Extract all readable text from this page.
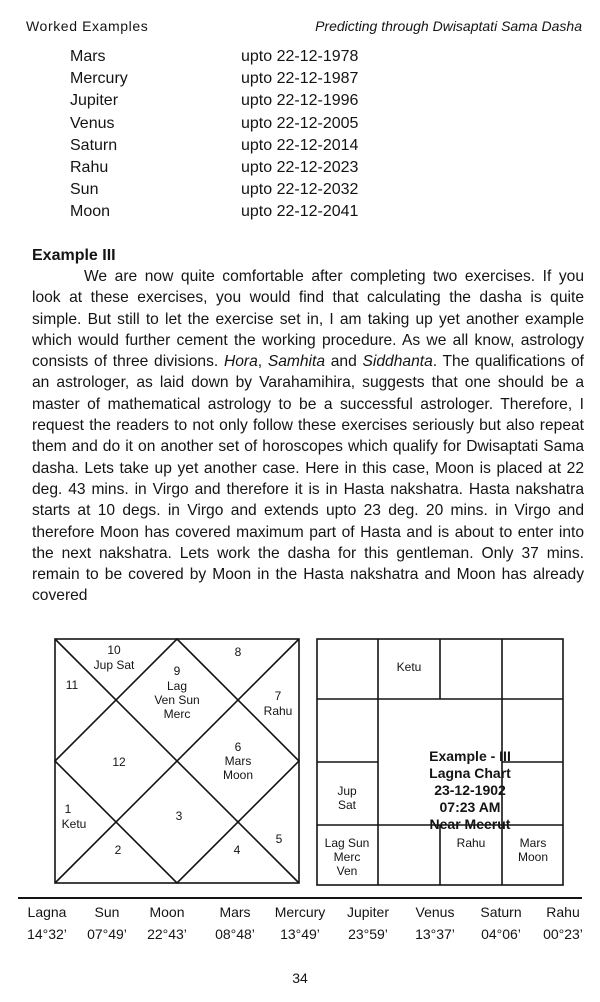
Worked Examples	Predicting through Dwisaptati Sama Dasha
Mars	upto 22-12-1978
Mercury	upto 22-12-1987
Jupiter	upto 22-12-1996
Venus	upto 22-12-2005
Saturn	upto 22-12-2014
Rahu	upto 22-12-2023
Sun	upto 22-12-2032
Moon	upto 22-12-2041
Example III

We are now quite comfortable after completing two exercises. If you look at these exercises, you would find that calculating the dasha is quite simple. But still to let the exercise set in, I am taking up yet another example which would further cement the working procedure. As we all know, astrology consists of three divisions. Hora, Samhita and Siddhanta. The qualifications of an astrologer, as laid down by Varahamihira, suggests that one should be a master of mathematical astrology to be a successful astrologer. Therefore, I request the readers to not only follow these exercises seriously but also repeat them and do it on another set of horoscopes which qualify for Dwisaptati Sama dasha. Lets take up yet another case. Here in this case, Moon is placed at 22 deg. 43 mins. in Virgo and therefore it is in Hasta nakshatra. Hasta nakshatra starts at 10 degs. in Virgo and extends upto 23 deg. 20 mins. in Virgo and therefore Moon has covered maximum part of Hasta and is about to enter into the next nakshatra. Lets work the dasha for this gentleman. Only 37 mins. remain to be covered by Moon in the Hasta nakshatra and Moon has already covered

10
Jup Sat
11
9
Lag
Ven Sun
Merc
8
7
Rahu
12
6
Mars
Moon
1
Ketu
3
5
2	4
Ketu
Jup
Sat
Lag Sun
Merc
Ven
Rahu	Mars
Moon
Example - III
Lagna Chart
23-12-1902
07:23 AM
Near Meerut
Lagna	Sun	Moon	Mars	Mercury	Jupiter	Venus	Saturn	Rahu
14°32’	07°49’	22°43’	08°48’	13°49’	23°59’	13°37’	04°06’	00°23’
34
